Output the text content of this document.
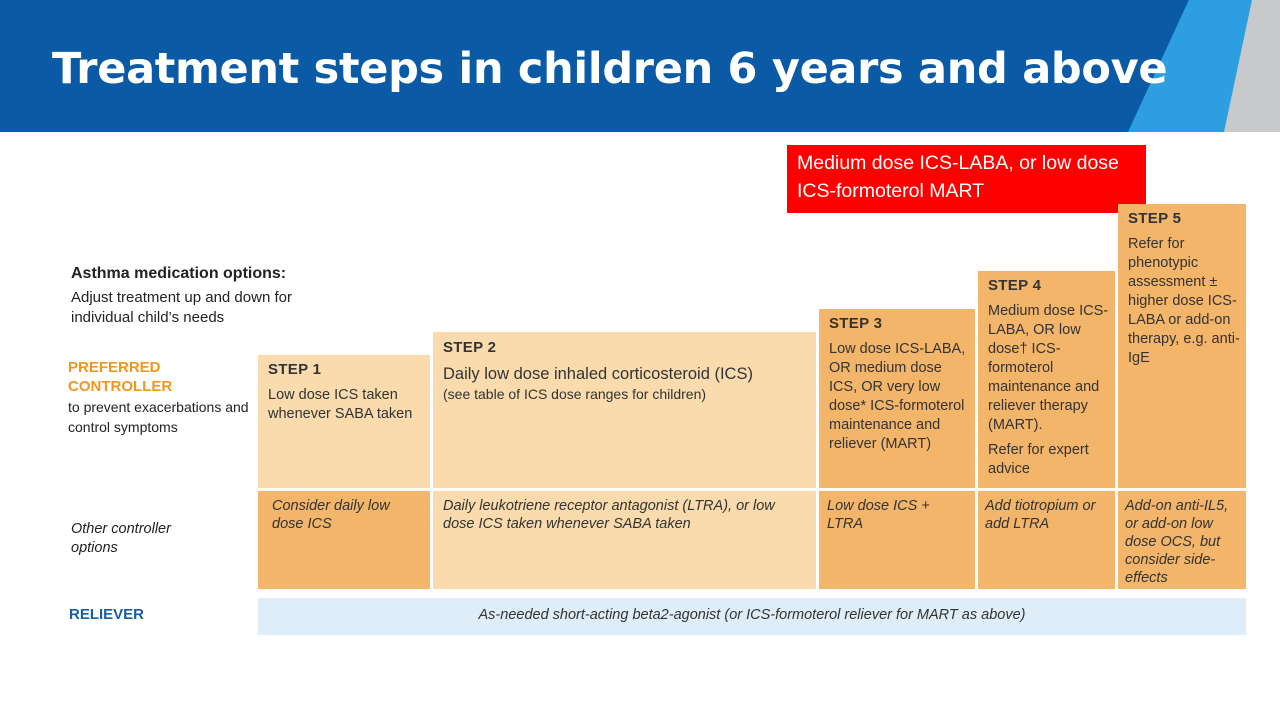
Treatment steps in children 6 years and above
Medium dose ICS-LABA, or low dose ICS-formoterol MART
Asthma medication options:
Adjust treatment up and down for individual child’s needs
PREFERRED CONTROLLER
to prevent exacerbations and control symptoms
Other controller options
RELIEVER
STEP 1
Low dose ICS taken whenever SABA taken
STEP 2
Daily low dose inhaled corticosteroid (ICS)
(see table of ICS dose ranges for children)
STEP 3
Low dose ICS-LABA, OR medium dose ICS, OR very low dose* ICS-formoterol maintenance and reliever (MART)
STEP 4
Medium dose ICS-LABA, OR low dose† ICS-formoterol maintenance and reliever therapy (MART).
Refer for expert advice
STEP 5
Refer for phenotypic assessment ± higher dose ICS-LABA or add-on therapy, e.g. anti-IgE
Consider daily low dose ICS
Daily leukotriene receptor antagonist (LTRA), or low dose ICS taken whenever SABA taken
Low dose ICS + LTRA
Add tiotropium or add LTRA
Add-on anti-IL5, or add-on low dose OCS, but consider side-effects
As-needed short-acting beta2-agonist (or ICS-formoterol reliever for MART as above)
